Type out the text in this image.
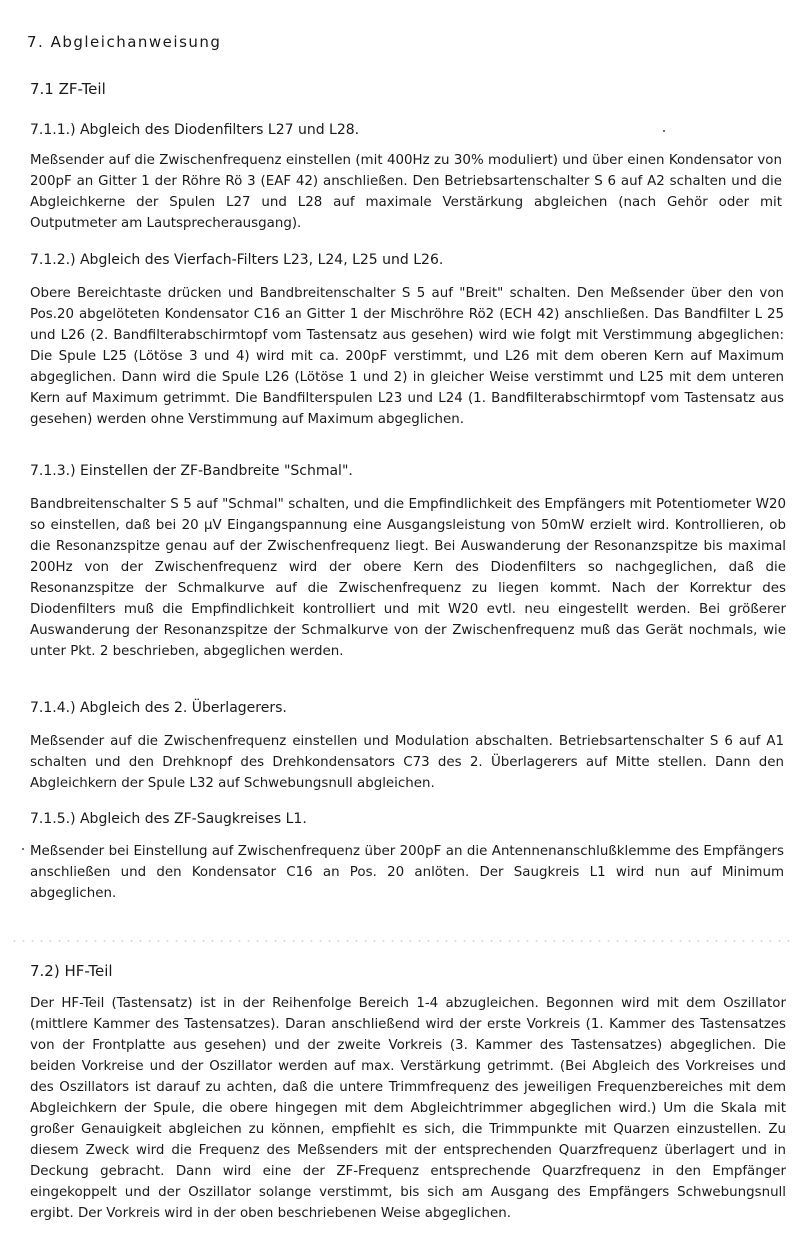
7. Abgleichanweisung
7.1 ZF-Teil
7.1.1.) Abgleich des Diodenfilters L27 und L28.

Meßsender auf die Zwischenfrequenz einstellen (mit 400Hz zu 30% moduliert) und über einen Kondensator von 200pF an Gitter 1 der Röhre Rö 3 (EAF 42) anschließen. Den Betriebsartenschalter S 6 auf A2 schalten und die Abgleichkerne der Spulen L27 und L28 auf maximale Verstärkung abgleichen (nach Gehör oder mit Outputmeter am Lautsprecherausgang).

7.1.2.) Abgleich des Vierfach-Filters L23, L24, L25 und L26.

Obere Bereichtaste drücken und Bandbreitenschalter S 5 auf "Breit" schalten. Den Meßsender über den von Pos.20 abgelöteten Kondensator C16 an Gitter 1 der Mischröhre Rö2 (ECH 42) anschließen. Das Bandfilter L 25 und L26 (2. Bandfilterabschirmtopf vom Tastensatz aus gesehen) wird wie folgt mit Verstimmung abgeglichen: Die Spule L25 (Lötöse 3 und 4) wird mit ca. 200pF verstimmt, und L26 mit dem oberen Kern auf Maximum abgeglichen. Dann wird die Spule L26 (Lötöse 1 und 2) in gleicher Weise verstimmt und L25 mit dem unteren Kern auf Maximum getrimmt. Die Bandfilterspulen L23 und L24 (1. Bandfilterabschirmtopf vom Tastensatz aus gesehen) werden ohne Verstimmung auf Maximum abgeglichen.

7.1.3.) Einstellen der ZF-Bandbreite "Schmal".

Bandbreitenschalter S 5 auf "Schmal" schalten, und die Empfindlichkeit des Empfängers mit Potentiometer W20 so einstellen, daß bei 20 µV Eingangspannung eine Ausgangsleistung von 50mW erzielt wird. Kontrollieren, ob die Resonanzspitze genau auf der Zwischenfrequenz liegt. Bei Auswanderung der Resonanzspitze bis maximal 200Hz von der Zwischenfrequenz wird der obere Kern des Diodenfilters so nachgeglichen, daß die Resonanzspitze der Schmalkurve auf die Zwischenfrequenz zu liegen kommt. Nach der Korrektur des Diodenfilters muß die Empfindlichkeit kontrolliert und mit W20 evtl. neu eingestellt werden. Bei größerer Auswanderung der Resonanzspitze der Schmalkurve von der Zwischenfrequenz muß das Gerät nochmals, wie unter Pkt. 2 beschrieben, abgeglichen werden.

7.1.4.) Abgleich des 2. Überlagerers.

Meßsender auf die Zwischenfrequenz einstellen und Modulation abschalten. Betriebsartenschalter S 6 auf A1 schalten und den Drehknopf des Drehkondensators C73 des 2. Überlagerers auf Mitte stellen. Dann den Abgleichkern der Spule L32 auf Schwebungsnull abgleichen.

7.1.5.) Abgleich des ZF-Saugkreises L1.

Meßsender bei Einstellung auf Zwischenfrequenz über 200pF an die Antennenanschlußklemme des Empfängers anschließen und den Kondensator C16 an Pos. 20 anlöten. Der Saugkreis L1 wird nun auf Minimum abgeglichen.

7.2) HF-Teil

Der HF-Teil (Tastensatz) ist in der Reihenfolge Bereich 1-4 abzugleichen. Begonnen wird mit dem Oszillator (mittlere Kammer des Tastensatzes). Daran anschließend wird der erste Vorkreis (1. Kammer des Tastensatzes von der Frontplatte aus gesehen) und der zweite Vorkreis (3. Kammer des Tastensatzes) abgeglichen. Die beiden Vorkreise und der Oszillator werden auf max. Verstärkung getrimmt. (Bei Abgleich des Vorkreises und des Oszillators ist darauf zu achten, daß die untere Trimmfrequenz des jeweiligen Frequenzbereiches mit dem Abgleichkern der Spule, die obere hingegen mit dem Abgleichtrimmer abgeglichen wird.) Um die Skala mit großer Genauigkeit abgleichen zu können, empfiehlt es sich, die Trimmpunkte mit Quarzen einzustellen. Zu diesem Zweck wird die Frequenz des Meßsenders mit der entsprechenden Quarzfrequenz überlagert und in Deckung gebracht. Dann wird eine der ZF-Frequenz entsprechende Quarzfrequenz in den Empfänger eingekoppelt und der Oszillator solange verstimmt, bis sich am Ausgang des Empfängers Schwebungsnull ergibt. Der Vorkreis wird in der oben beschriebenen Weise abgeglichen.
